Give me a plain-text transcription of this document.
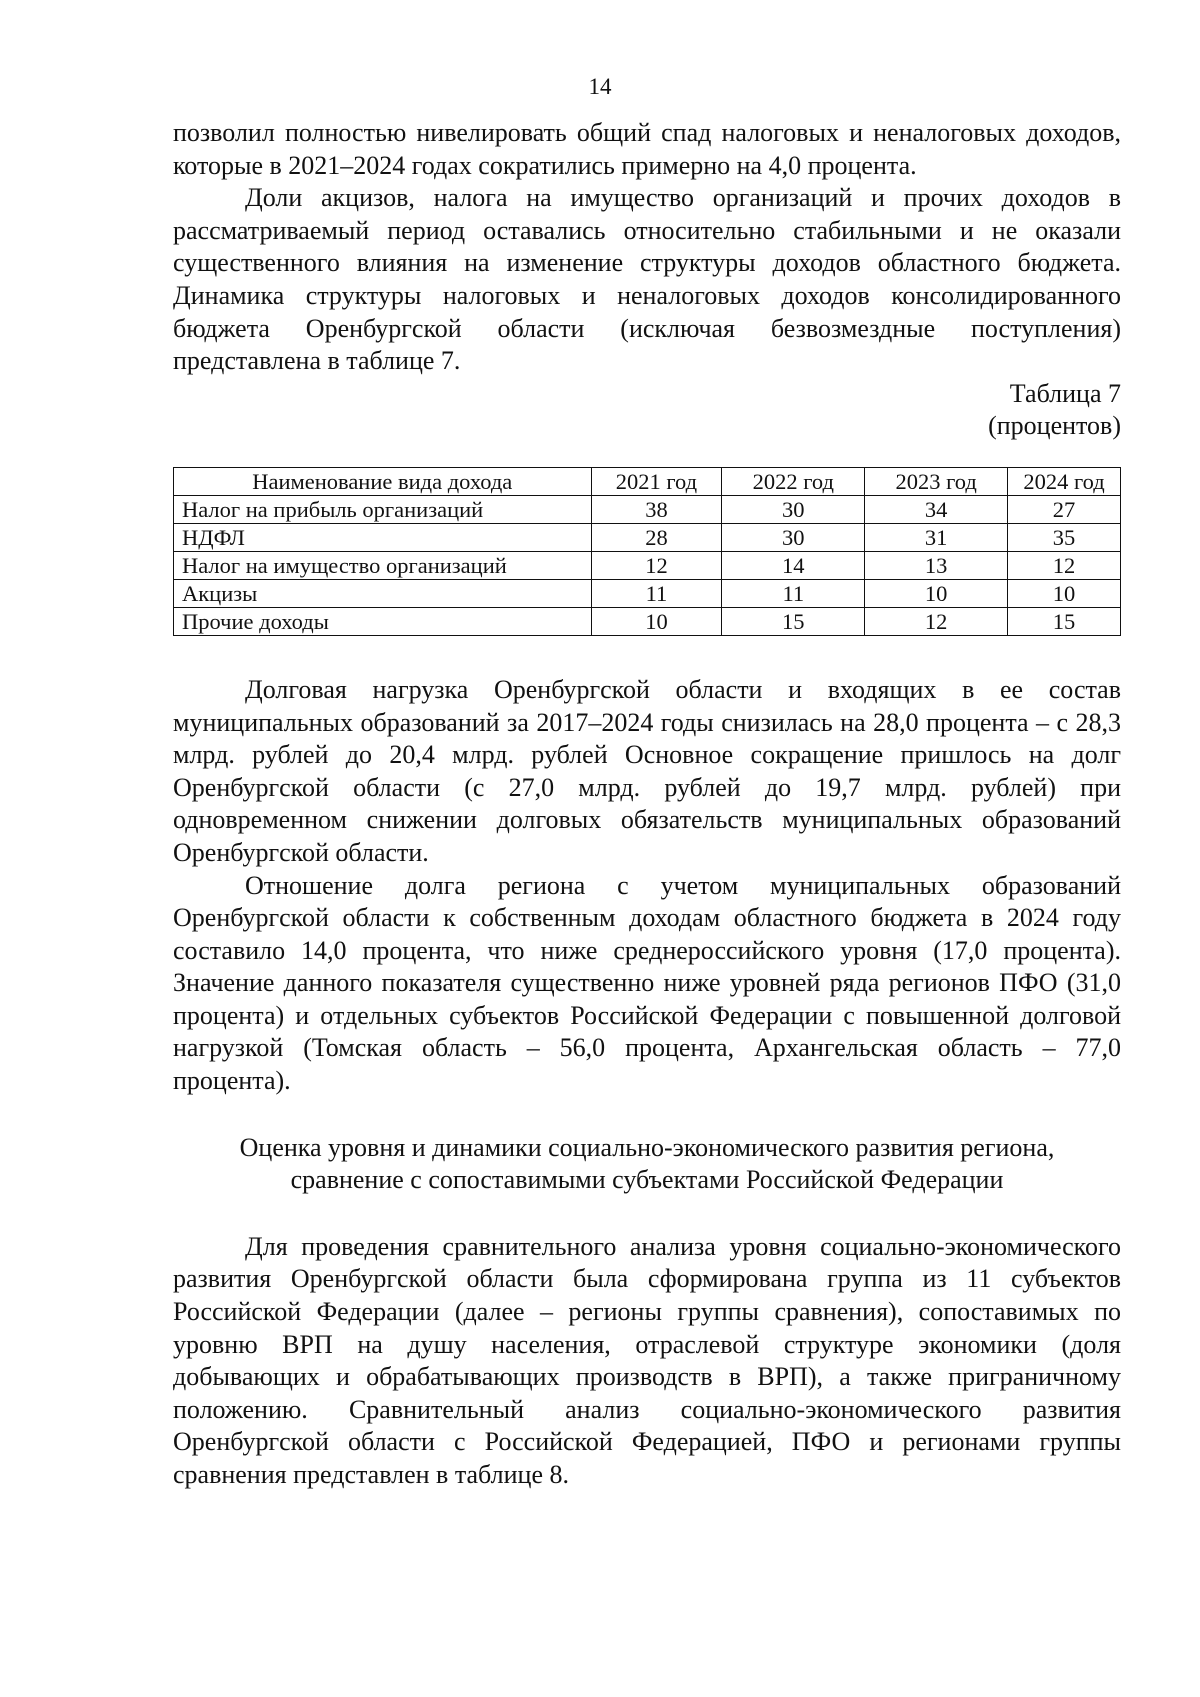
14

позволил полностью нивелировать общий спад налоговых и неналоговых доходов, которые в 2021–2024 годах сократились примерно на 4,0 процента.

Доли акцизов, налога на имущество организаций и прочих доходов в рассматриваемый период оставались относительно стабильными и не оказали существенного влияния на изменение структуры доходов областного бюджета. Динамика структуры налоговых и неналоговых доходов консолидированного бюджета Оренбургской области (исключая безвозмездные поступления) представлена в таблице 7.

Таблица 7
(процентов)
Наименование вида дохода	2021 год	2022 год	2023 год	2024 год
Налог на прибыль организаций	38	30	34	27
НДФЛ	28	30	31	35
Налог на имущество организаций	12	14	13	12
Акцизы	11	11	10	10
Прочие доходы	10	15	12	15

Долговая нагрузка Оренбургской области и входящих в ее состав муниципальных образований за 2017–2024 годы снизилась на 28,0 процента – с 28,3 млрд. рублей до 20,4 млрд. рублей Основное сокращение пришлось на долг Оренбургской области (с 27,0 млрд. рублей до 19,7 млрд. рублей) при одновременном снижении долговых обязательств муниципальных образований Оренбургской области.

Отношение долга региона с учетом муниципальных образований Оренбургской области к собственным доходам областного бюджета в 2024 году составило 14,0 процента, что ниже среднероссийского уровня (17,0 процента). Значение данного показателя существенно ниже уровней ряда регионов ПФО (31,0 процента) и отдельных субъектов Российской Федерации с повышенной долговой нагрузкой (Томская область – 56,0 процента, Архангельская область – 77,0 процента).

Оценка уровня и динамики социально-экономического развития региона,
сравнение с сопоставимыми субъектами Российской Федерации

Для проведения сравнительного анализа уровня социально-экономического развития Оренбургской области была сформирована группа из 11 субъектов Российской Федерации (далее – регионы группы сравнения), сопоставимых по уровню ВРП на душу населения, отраслевой структуре экономики (доля добывающих и обрабатывающих производств в ВРП), а также приграничному положению. Сравнительный анализ социально-экономического развития Оренбургской области с Российской Федерацией, ПФО и регионами группы сравнения представлен в таблице 8.
